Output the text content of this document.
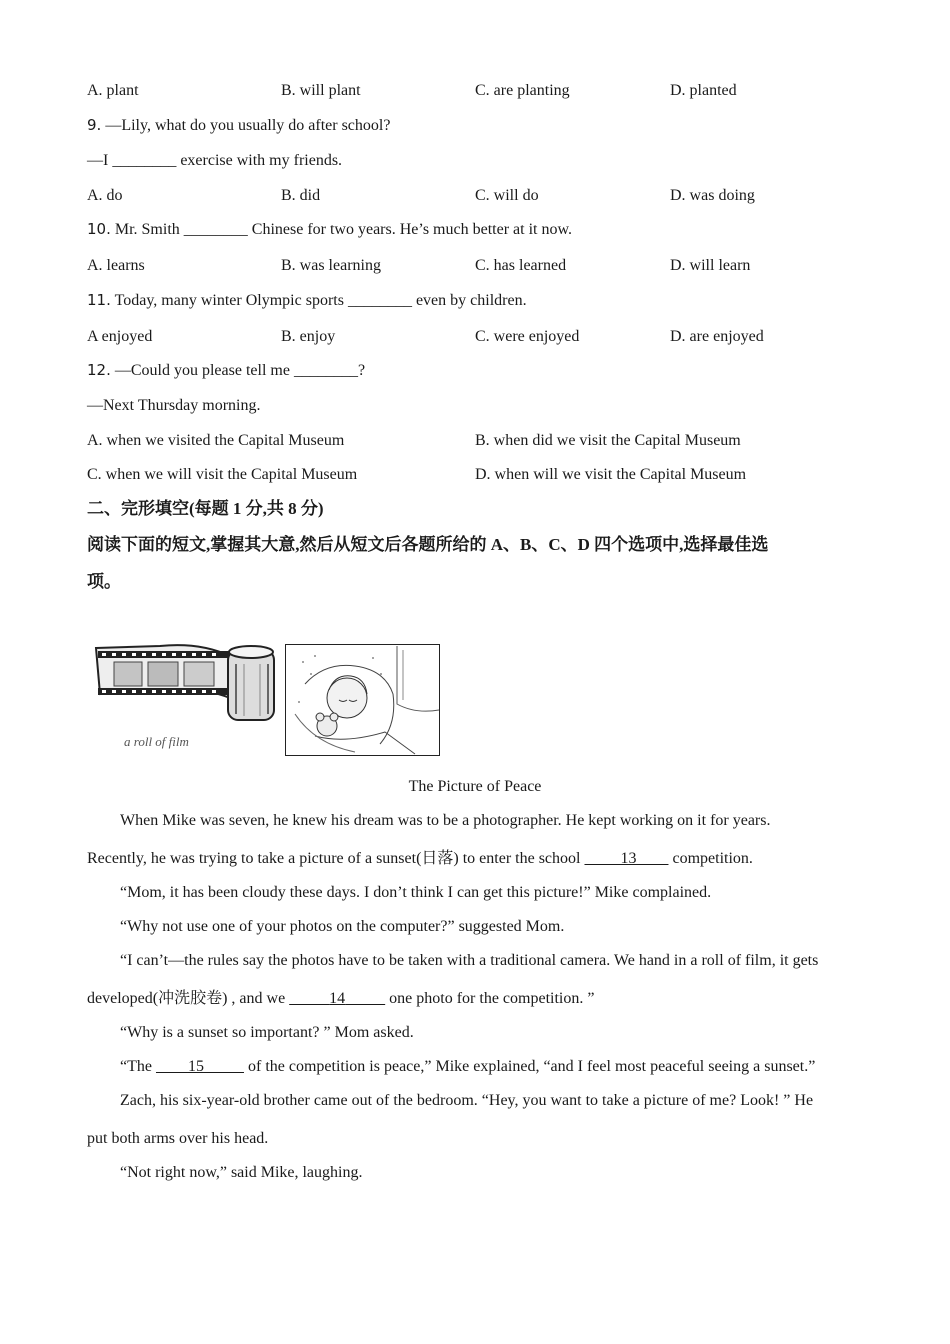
A. plant	B. will plant	C. are planting	D. planted
9. —Lily, what do you usually do after school?
—I ________ exercise with my friends.
A. do	B. did	C. will do	D. was doing
10. Mr. Smith ________ Chinese for two years. He’s much better at it now.
A. learns	B. was learning	C. has learned	D. will learn
11. Today, many winter Olympic sports ________ even by children.
A enjoyed	B. enjoy	C. were enjoyed	D. are enjoyed
12. —Could you please tell me ________?
—Next Thursday morning.
A. when we visited the Capital Museum	B. when did we visit the Capital Museum
C. when we will visit the Capital Museum	D. when will we visit the Capital Museum
二、完形填空(每题 1 分,共 8 分)
阅读下面的短文,掌握其大意,然后从短文后各题所给的 A、B、C、D 四个选项中,选择最佳选
项。
a roll of film
The Picture of Peace
When Mike was seven, he knew his dream was to be a photographer. He kept working on it for years.
Recently, he was trying to take a picture of a sunset(日落) to enter the school          13         competition.
“Mom, it has been cloudy these days. I don’t think I can get this picture!” Mike complained.
“Why not use one of your photos on the computer?” suggested Mom.
“I can’t—the rules say the photos have to be taken with a traditional camera. We hand in a roll of film, it gets
developed(冲洗胶卷) , and we	14	one photo for the competition. ”
“Why is a sunset so important? ” Mom asked.
“The         15	of the competition is peace,” Mike explained, “and I feel most peaceful seeing a sunset.”
Zach, his six-year-old brother came out of the bedroom. “Hey, you want to take a picture of me? Look! ” He
put both arms over his head.
“Not right now,” said Mike, laughing.
